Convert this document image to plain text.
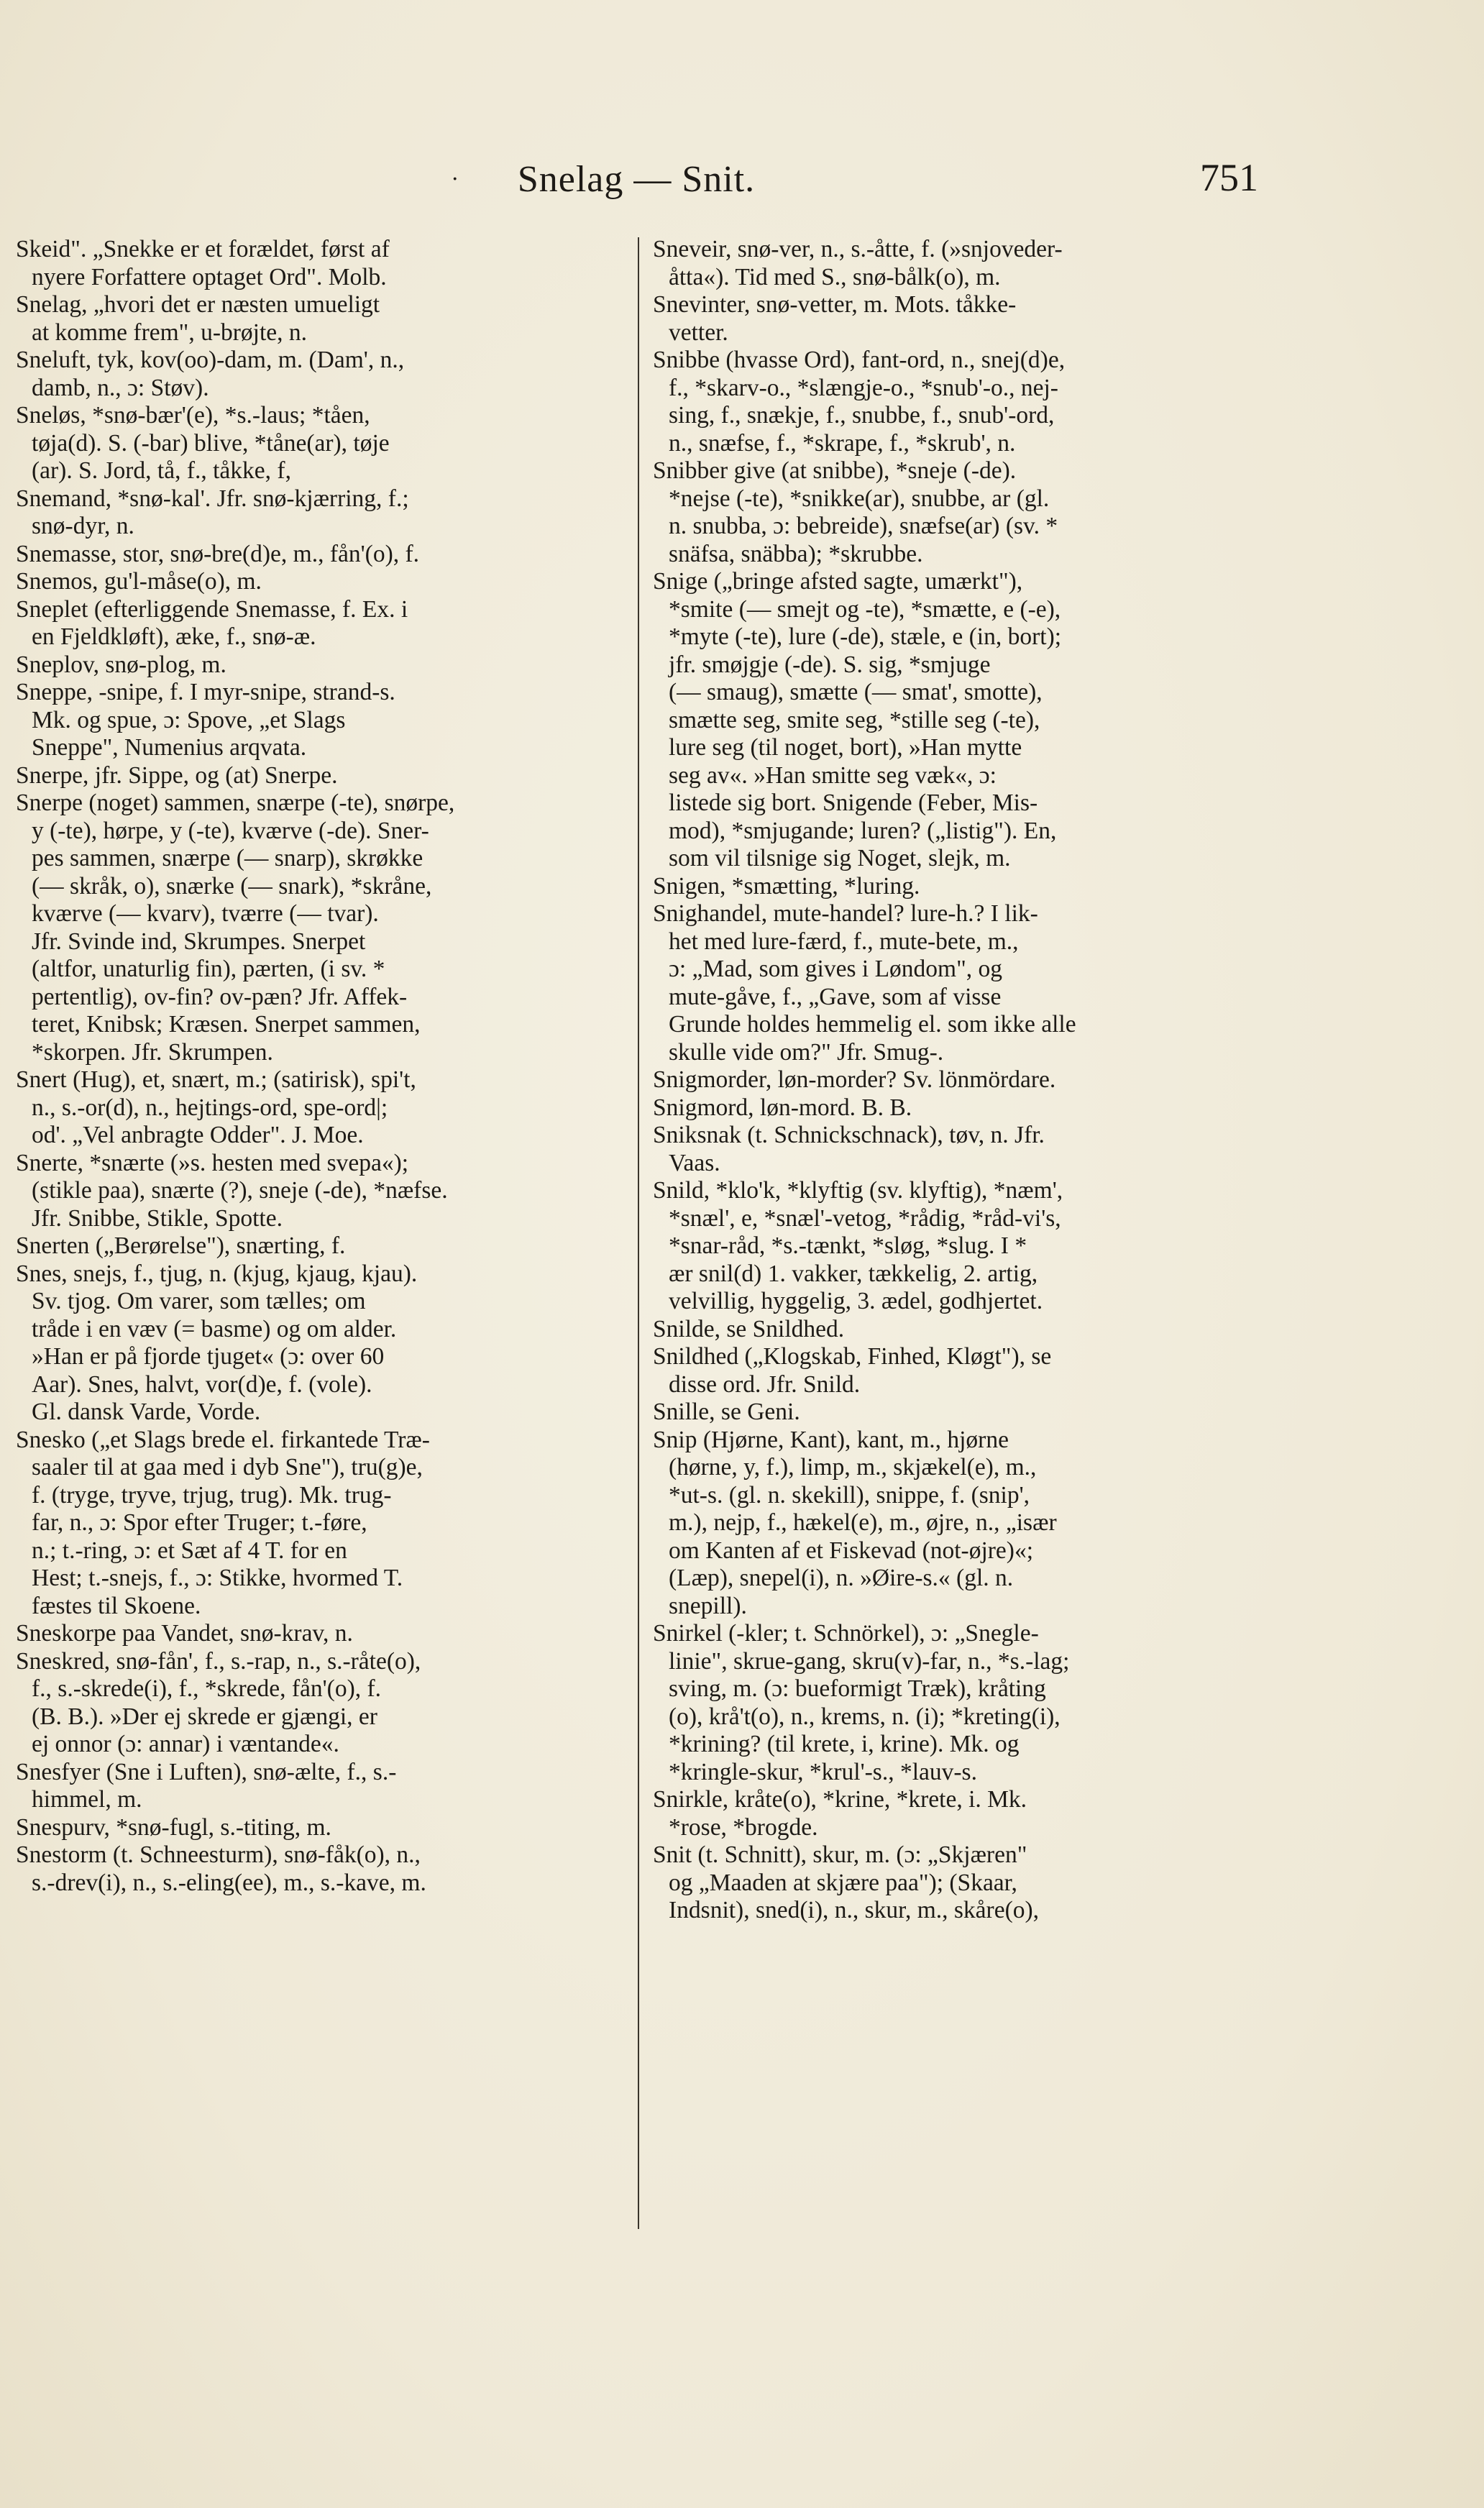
·	Snelag — Snit.	751
Skeid". „Snekke er et forældet, først af
nyere Forfattere optaget Ord". Molb.
Snelag, „hvori det er næsten umueligt
at komme frem", u-brøjte, n.
Sneluft, tyk, kov(oo)-dam, m. (Dam', n.,
damb, n., ɔ: Støv).
Sneløs, *snø-bær'(e), *s.-laus; *tåen,
tøja(d). S. (-bar) blive, *tåne(ar), tøje
(ar). S. Jord, tå, f., tåkke, f,
Snemand, *snø-kal'. Jfr. snø-kjærring, f.;
snø-dyr, n.
Snemasse, stor, snø-bre(d)e, m., fån'(o), f.
Snemos, gu'l-måse(o), m.
Sneplet (efterliggende Snemasse, f. Ex. i
en Fjeldkløft), æke, f., snø-æ.
Sneplov, snø-plog, m.
Sneppe, -snipe, f. I myr-snipe, strand-s.
Mk. og spue, ɔ: Spove, „et Slags
Sneppe", Numenius arqvata.
Snerpe, jfr. Sippe, og (at) Snerpe.
Snerpe (noget) sammen, snærpe (-te), snørpe,
y (-te), hørpe, y (-te), kværve (-de). Sner-
pes sammen, snærpe (— snarp), skrøkke
(— skråk, o), snærke (— snark), *skråne,
kværve (— kvarv), tværre (— tvar).
Jfr. Svinde ind, Skrumpes. Snerpet
(altfor, unaturlig fin), pærten, (i sv. *
pertentlig), ov-fin? ov-pæn? Jfr. Affek-
teret, Knibsk; Kræsen. Snerpet sammen,
*skorpen. Jfr. Skrumpen.
Snert (Hug), et, snært, m.; (satirisk), spi't,
n., s.-or(d), n., hejtings-ord, spe-ord|;
od'. „Vel anbragte Odder". J. Moe.
Snerte, *snærte (»s. hesten med svepa«);
(stikle paa), snærte (?), sneje (-de), *næfse.
Jfr. Snibbe, Stikle, Spotte.
Snerten („Berørelse"), snærting, f.
Snes, snejs, f., tjug, n. (kjug, kjaug, kjau).
Sv. tjog. Om varer, som tælles; om
tråde i en væv (= basme) og om alder.
»Han er på fjorde tjuget« (ɔ: over 60
Aar). Snes, halvt, vor(d)e, f. (vole).
Gl. dansk Varde, Vorde.
Snesko („et Slags brede el. firkantede Træ-
saaler til at gaa med i dyb Sne"), tru(g)e,
f. (tryge, tryve, trjug, trug). Mk. trug-
far, n., ɔ: Spor efter Truger; t.-føre,
n.; t.-ring, ɔ: et Sæt af 4 T. for en
Hest; t.-snejs, f., ɔ: Stikke, hvormed T.
fæstes til Skoene.
Sneskorpe paa Vandet, snø-krav, n.
Sneskred, snø-fån', f., s.-rap, n., s.-råte(o),
f., s.-skrede(i), f., *skrede, fån'(o), f.
(B. B.). »Der ej skrede er gjængi, er
ej onnor (ɔ: annar) i væntande«.
Snesfyer (Sne i Luften), snø-ælte, f., s.-
himmel, m.
Snespurv, *snø-fugl, s.-titing, m.
Snestorm (t. Schneesturm), snø-fåk(o), n.,
s.-drev(i), n., s.-eling(ee), m., s.-kave, m.
Sneveir, snø-ver, n., s.-åtte, f. (»snjoveder-
åtta«). Tid med S., snø-bålk(o), m.
Snevinter, snø-vetter, m. Mots. tåkke-
vetter.
Snibbe (hvasse Ord), fant-ord, n., snej(d)e,
f., *skarv-o., *slængje-o., *snub'-o., nej-
sing, f., snækje, f., snubbe, f., snub'-ord,
n., snæfse, f., *skrape, f., *skrub', n.
Snibber give (at snibbe), *sneje (-de).
*nejse (-te), *snikke(ar), snubbe, ar (gl.
n. snubba, ɔ: bebreide), snæfse(ar) (sv. *
snäfsa, snäbba); *skrubbe.
Snige („bringe afsted sagte, umærkt"),
*smite (— smejt og -te), *smætte, e (-e),
*myte (-te), lure (-de), stæle, e (in, bort);
jfr. smøjgje (-de). S. sig, *smjuge
(— smaug), smætte (— smat', smotte),
smætte seg, smite seg, *stille seg (-te),
lure seg (til noget, bort), »Han mytte
seg av«. »Han smitte seg væk«, ɔ:
listede sig bort. Snigende (Feber, Mis-
mod), *smjugande; luren? („listig"). En,
som vil tilsnige sig Noget, slejk, m.
Snigen, *smætting, *luring.
Snighandel, mute-handel? lure-h.? I lik-
het med lure-færd, f., mute-bete, m.,
ɔ: „Mad, som gives i Løndom", og
mute-gåve, f., „Gave, som af visse
Grunde holdes hemmelig el. som ikke alle
skulle vide om?" Jfr. Smug-.
Snigmorder, løn-morder? Sv. lönmördare.
Snigmord, løn-mord. B. B.
Sniksnak (t. Schnickschnack), tøv, n. Jfr.
Vaas.
Snild, *klo'k, *klyftig (sv. klyftig), *næm',
*snæl', e, *snæl'-vetog, *rådig, *råd-vi's,
*snar-råd, *s.-tænkt, *sløg, *slug. I *
ær snil(d) 1. vakker, tækkelig, 2. artig,
velvillig, hyggelig, 3. ædel, godhjertet.
Snilde, se Snildhed.
Snildhed („Klogskab, Finhed, Kløgt"), se
disse ord. Jfr. Snild.
Snille, se Geni.
Snip (Hjørne, Kant), kant, m., hjørne
(hørne, y, f.), limp, m., skjækel(e), m.,
*ut-s. (gl. n. skekill), snippe, f. (snip',
m.), nejp, f., hækel(e), m., øjre, n., „især
om Kanten af et Fiskevad (not-øjre)«;
(Læp), snepel(i), n. »Øire-s.« (gl. n.
snepill).
Snirkel (-kler; t. Schnörkel), ɔ: „Snegle-
linie", skrue-gang, skru(v)-far, n., *s.-lag;
sving, m. (ɔ: bueformigt Træk), kråting
(o), krå't(o), n., krems, n. (i); *kreting(i),
*krining? (til krete, i, krine). Mk. og
*kringle-skur, *krul'-s., *lauv-s.
Snirkle, kråte(o), *krine, *krete, i. Mk.
*rose, *brogde.
Snit (t. Schnitt), skur, m. (ɔ: „Skjæren"
og „Maaden at skjære paa"); (Skaar,
Indsnit), sned(i), n., skur, m., skåre(o),
